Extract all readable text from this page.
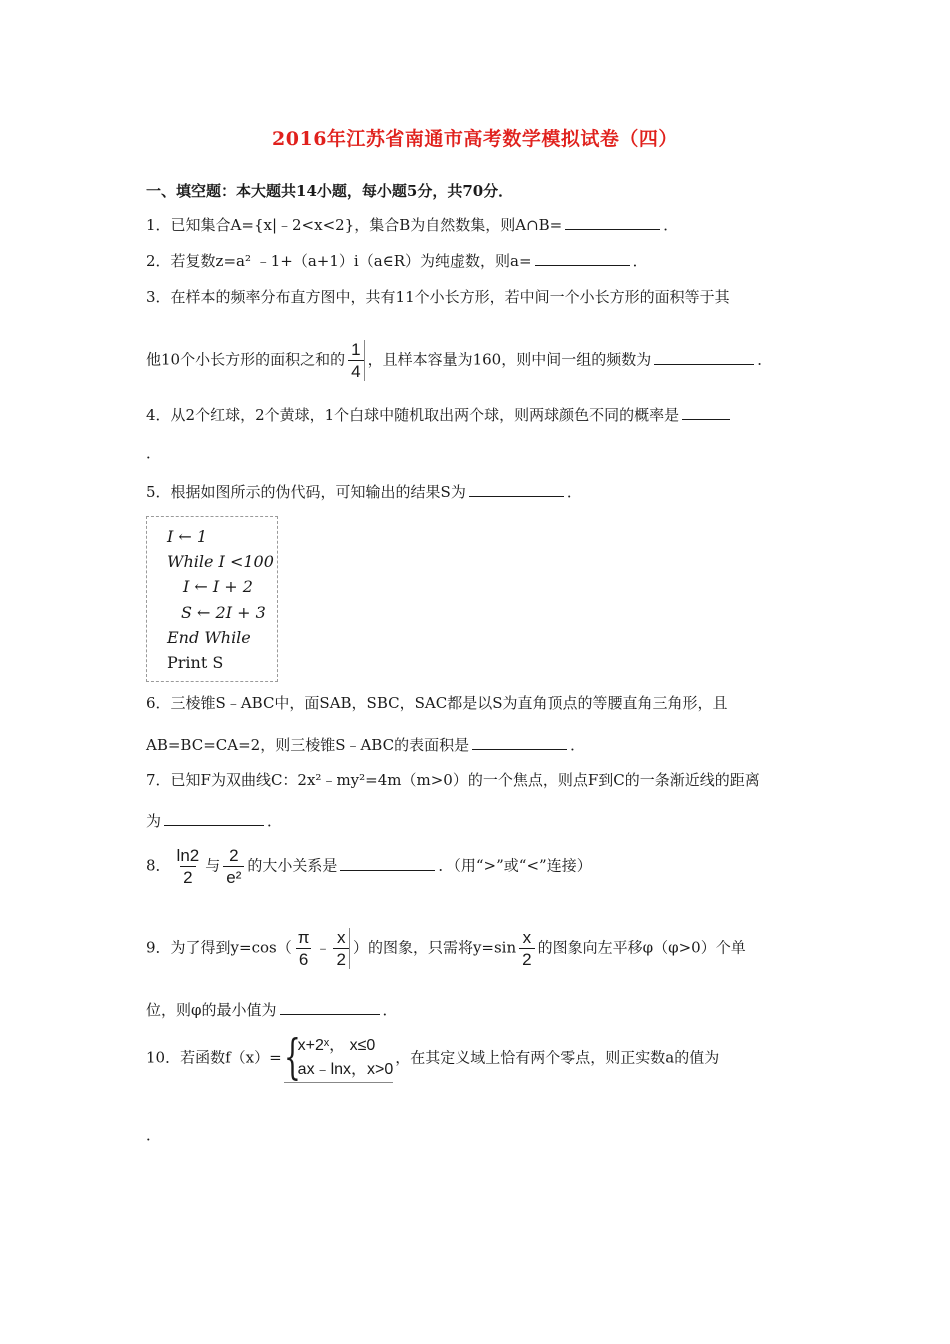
2016年江苏省南通市高考数学模拟试卷（四）
一、填空题：本大题共14小题，每小题5分，共70分．
1．已知集合A={x|﹣2<x<2}，集合B为自然数集，则A∩B=	．
2．若复数z=a² ﹣1+（a+1）i（a∈R）为纯虚数，则a=	．
3．在样本的频率分布直方图中，共有11个小长方形，若中间一个小长方形的面积等于其
他10个小长方形的面积之和的 $\frac{1}{4}$ ，且样本容量为160，则中间一组的频数为	．
4．从2个红球，2个黄球，1个白球中随机取出两个球，则两球颜色不同的概率是
．
5．根据如图所示的伪代码，可知输出的结果S为	．
I ← 1
While I <100
I ← I + 2
S ← 2I + 3
End While
Print S
6．三棱锥S﹣ABC中，面SAB，SBC，SAC都是以S为直角顶点的等腰直角三角形，且
AB=BC=CA=2，则三棱锥S﹣ABC的表面积是	．
7．已知F为双曲线C：2x²﹣my²=4m（m>0）的一个焦点，则点F到C的一条渐近线的距离
为	．
8． $\frac{\ln 2}{2}$ 与 $\frac{2}{\text{e²}}$ 的大小关系是	．（用“>”或“<”连接）
9．为了得到$y=\cos( \frac{\pi}{6}$ ﹣ $\frac{x}{2}$ ）的图象，只需将$y=\sin \frac{x}{2}$ 的图象向左平移φ（φ>0）个单
位，则φ的最小值为	．
10．若函数f（x）= {
x+2ˣ， x≤0
ax﹣lnx，x>0
，在其定义域上恰有两个零点，则正实数a的值为
．
